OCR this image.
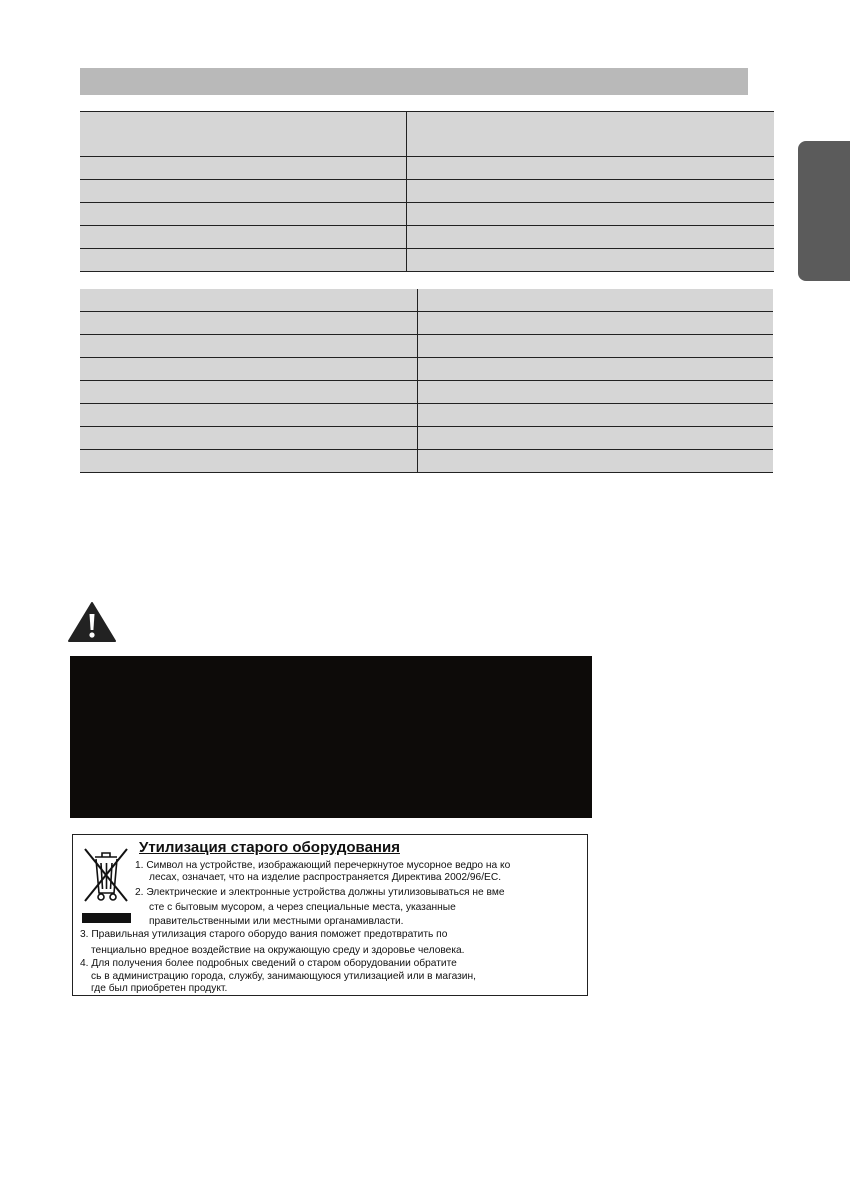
Утилизация старого оборудования
1. Символ на устройстве, изображающий перечеркнутое мусорное ведро на ко
лесах, означает, что на изделие распространяется Директива 2002/96/EC.
2. Электрические и электронные устройства должны утилизовываться не вме
сте с бытовым мусором, а через специальные места, указанные
правительственными или местными органамивласти.
3. Правильная утилизация старого оборудо вания поможет предотвратить по
тенциально вредное воздействие на окружающую среду и здоровье человека.
4. Для получения более подробных сведений о старом оборудовании обратите
сь в администрацию города, службу, занимающуюся утилизацией или в магазин,
где был приобретен продукт.
